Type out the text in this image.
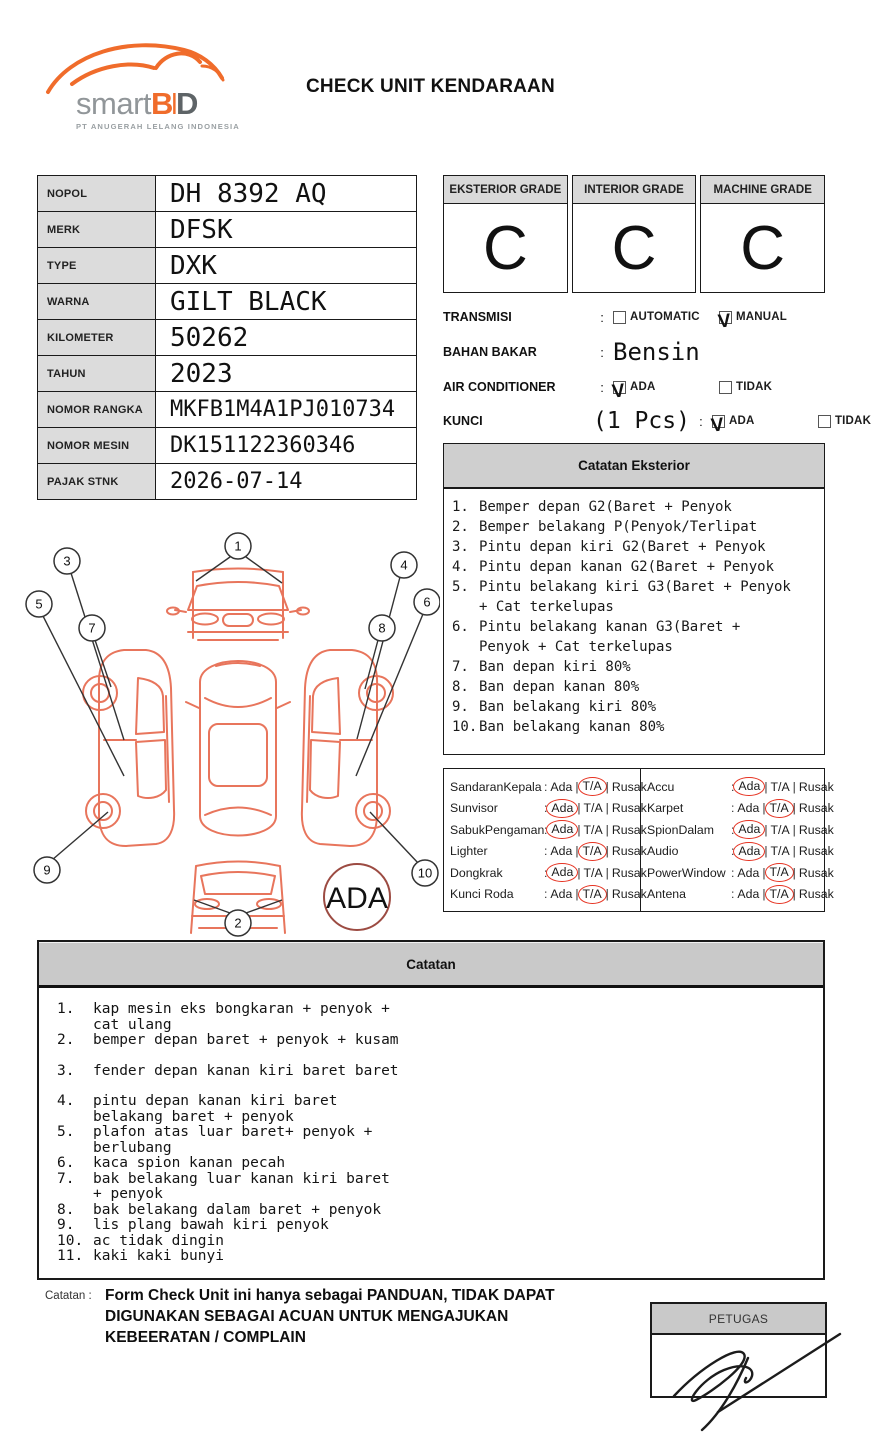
smartBID
PT ANUGERAH LELANG INDONESIA
CHECK UNIT KENDARAAN
NOPOL	DH 8392 AQ
MERK	DFSK
TYPE	DXK
WARNA	GILT BLACK
KILOMETER	50262
TAHUN	2023
NOMOR RANGKA	MKFB1M4A1PJ010734
NOMOR MESIN	DK151122360346
PAJAK STNK	2026-07-14
EKSTERIOR GRADE
C
INTERIOR GRADE
C
MACHINE GRADE
C
TRANSMISI	:	AUTOMATIC V MANUAL
BAHAN BAKAR	: Bensin
AIR CONDITIONER	: V ADA	TIDAK
KUNCI	(1 Pcs) : V ADA	TIDAK
Catatan Eksterior
1. Bemper depan G2(Baret + Penyok
2. Bemper belakang P(Penyok/Terlipat
3. Pintu depan kiri G2(Baret + Penyok
4. Pintu depan kanan G2(Baret + Penyok
5. Pintu belakang kiri G3(Baret + Penyok + Cat terkelupas
6. Pintu belakang kanan G3(Baret + Penyok + Cat terkelupas
7. Ban depan kiri 80%
8. Ban depan kanan 80%
9. Ban belakang kiri 80%
10. Ban belakang kanan 80%
1
2
3	4
5	6
7	8
9	10
ADA
SandaranKepala : Ada | T/A | Rusak
Sunvisor	: Ada | T/A | Rusak
SabukPengaman : Ada | T/A | Rusak
Lighter	: Ada | T/A | Rusak
Dongkrak	: Ada | T/A | Rusak
Kunci Roda	: Ada | T/A | Rusak
Accu	: Ada | T/A | Rusak
Karpet	: Ada | T/A | Rusak
SpionDalam	: Ada | T/A | Rusak
Audio	: Ada | T/A | Rusak
PowerWindow : Ada | T/A | Rusak
Antena	: Ada | T/A | Rusak
Catatan
1.	kap mesin eks bongkaran + penyok + cat ulang
2.	bemper depan baret + penyok + kusam
3.	fender depan kanan kiri baret baret
4.	pintu depan kanan kiri baret belakang baret + penyok
5.	plafon atas luar baret+ penyok + berlubang
6.	kaca spion kanan pecah
7.	bak belakang luar kanan kiri baret + penyok
8.	bak belakang dalam baret + penyok
9.	lis plang bawah kiri penyok
10. ac tidak dingin
11. kaki kaki bunyi
Catatan : Form Check Unit ini hanya sebagai PANDUAN, TIDAK DAPAT DIGUNAKAN SEBAGAI ACUAN UNTUK MENGAJUKAN KEBEERATAN / COMPLAIN
PETUGAS
